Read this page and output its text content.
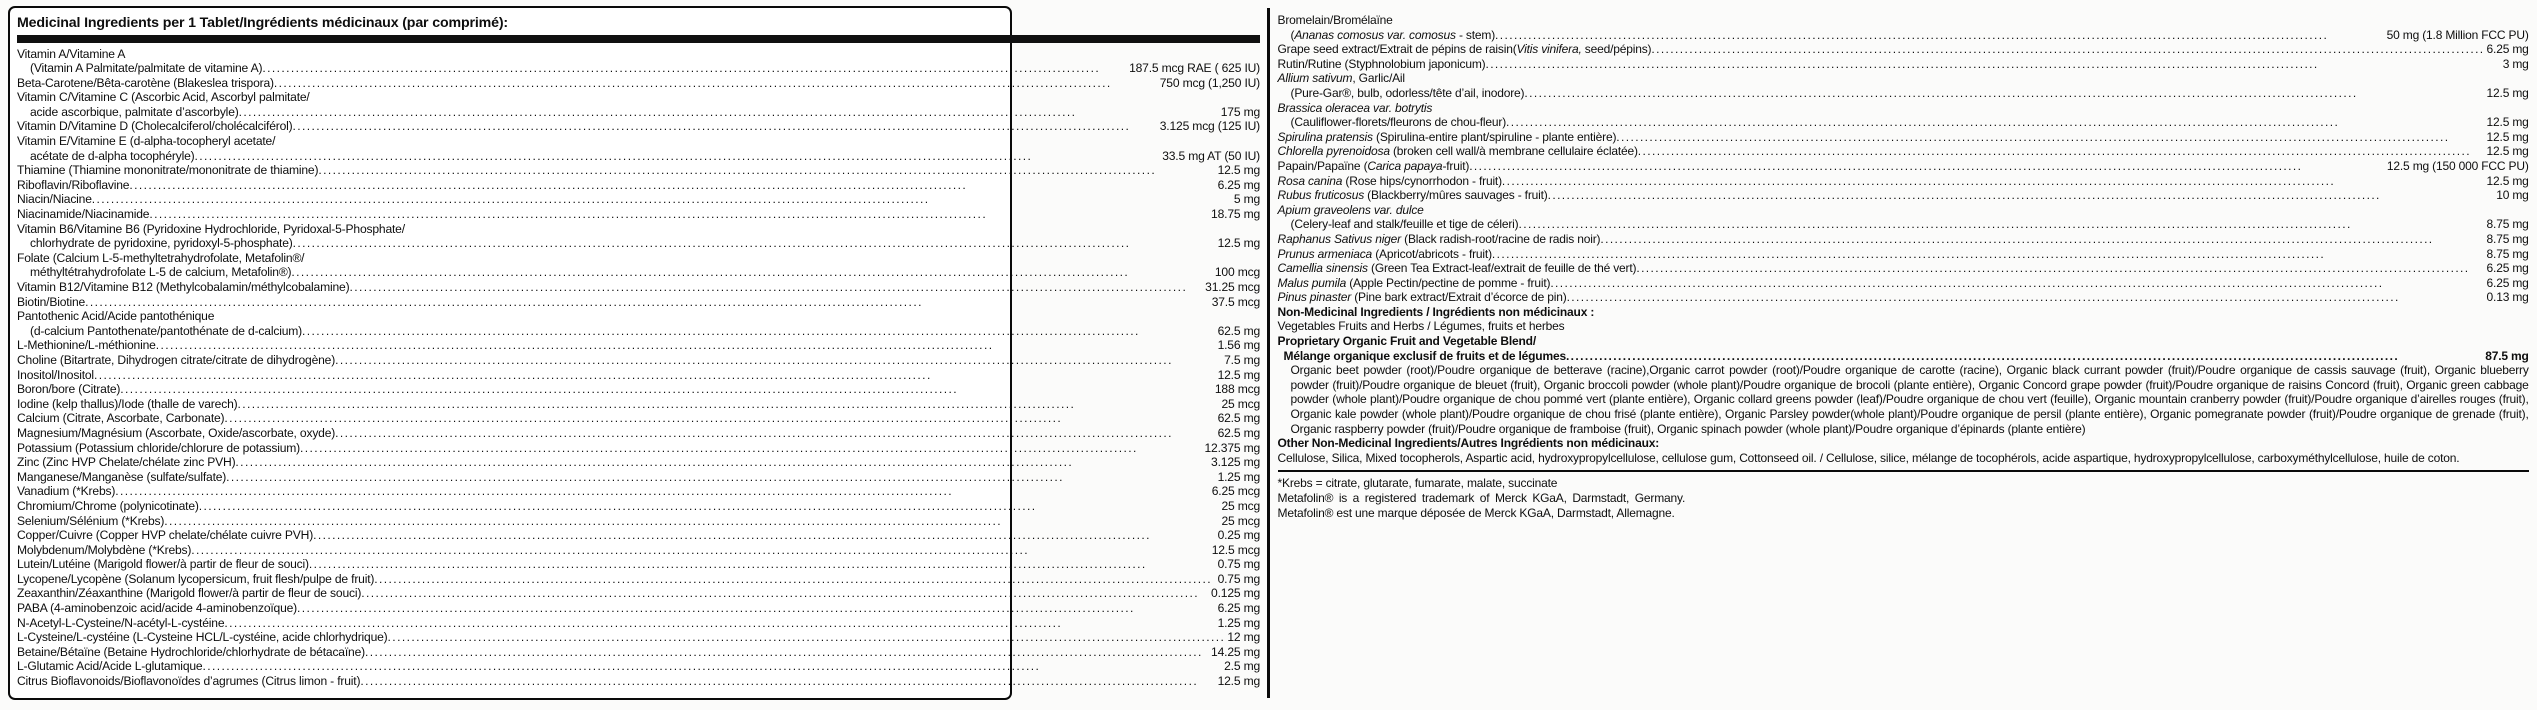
Medicinal Ingredients per 1 Tablet/Ingrédients médicinaux (par comprimé):
Vitamin A/Vitamine A
(Vitamin A Palmitate/palmitate de vitamine A) .....	187.5 mcg RAE ( 625 IU)
Beta-Carotene/Bêta-carotène (Blakeslea trispora) .....	750 mcg (1,250 IU)
Vitamin C/Vitamine C (Ascorbic Acid, Ascorbyl palmitate/
acide ascorbique, palmitate d’ascorbyle) .....	175 mg
Vitamin D/Vitamine D (Cholecalciferol/cholécalciférol) .....	3.125 mcg (125 IU)
Vitamin E/Vitamine E (d-alpha-tocopheryl acetate/
acétate de d-alpha tocophéryle) .....	33.5 mg AT (50 IU)
Thiamine (Thiamine mononitrate/mononitrate de thiamine) .....	12.5 mg
Riboflavin/Riboflavine .....	6.25 mg
Niacin/Niacine .....	5 mg
Niacinamide/Niacinamide .....	18.75 mg
Vitamin B6/Vitamine B6 (Pyridoxine Hydrochloride, Pyridoxal-5-Phosphate/
chlorhydrate de pyridoxine, pyridoxyl-5-phosphate) .....	12.5 mg
Folate (Calcium L-5-methyltetrahydrofolate, Metafolin®/
méthyltétrahydrofolate L-5 de calcium, Metafolin®) .....	100 mcg
Vitamin B12/Vitamine B12 (Methylcobalamin/méthylcobalamine) .....	31.25 mcg
Biotin/Biotine .....	37.5 mcg
Pantothenic Acid/Acide pantothénique
(d-calcium Pantothenate/pantothénate de d-calcium) .....	62.5 mg
L-Methionine/L-méthionine .....	1.56 mg
Choline (Bitartrate, Dihydrogen citrate/citrate de dihydrogène) .....	7.5 mg
Inositol/Inositol .....	12.5 mg
Boron/bore (Citrate) .....	188 mcg
Iodine (kelp thallus)/Iode (thalle de varech) .....	25 mcg
Calcium (Citrate, Ascorbate, Carbonate) .....	62.5 mg
Magnesium/Magnésium (Ascorbate, Oxide/ascorbate, oxyde) .....	62.5 mg
Potassium (Potassium chloride/chlorure de potassium) .....	12.375 mg
Zinc (Zinc HVP Chelate/chélate zinc PVH) .....	3.125 mg
Manganese/Manganèse (sulfate/sulfate) .....	1.25 mg
Vanadium (*Krebs) .....	6.25 mcg
Chromium/Chrome (polynicotinate) .....	25 mcg
Selenium/Sélénium (*Krebs) .....	25 mcg
Copper/Cuivre (Copper HVP chelate/chélate cuivre PVH) .....	0.25 mg
Molybdenum/Molybdène (*Krebs) .....	12.5 mcg
Lutein/Lutéine (Marigold flower/à partir de fleur de souci) .....	0.75 mg
Lycopene/Lycopène (Solanum lycopersicum, fruit flesh/pulpe de fruit) .....	0.75 mg
Zeaxanthin/Zéaxanthine (Marigold flower/à partir de fleur de souci) .....	0.125 mg
PABA (4-aminobenzoic acid/acide 4-aminobenzoïque) .....	6.25 mg
N-Acetyl-L-Cysteine/N-acétyl-L-cystéine .....	1.25 mg
L-Cysteine/L-cystéine (L-Cysteine HCL/L-cystéine, acide chlorhydrique) .....	12 mg
Betaine/Bétaïne (Betaine Hydrochloride/chlorhydrate de bétacaïne) .....	14.25 mg
L-Glutamic Acid/Acide L-glutamique .....	2.5 mg
Citrus Bioflavonoids/Bioflavonoïdes d’agrumes (Citrus limon - fruit) .....	12.5 mg
Bromelain/Bromélaïne
(Ananas comosus var. comosus - stem) .....	50 mg (1.8 Million FCC PU)
Grape seed extract/Extrait de pépins de raisin(Vitis vinifera, seed/pépins) .....	6.25 mg
Rutin/Rutine (Styphnolobium japonicum) .....	3 mg
Allium sativum, Garlic/Ail
(Pure-Gar®, bulb, odorless/tête d’ail, inodore) .....	12.5 mg
Brassica oleracea var. botrytis
(Cauliflower-florets/fleurons de chou-fleur) .....	12.5 mg
Spirulina pratensis (Spirulina-entire plant/spiruline - plante entière) .....	12.5 mg
Chlorella pyrenoidosa (broken cell wall/à membrane cellulaire éclatée) .....	12.5 mg
Papain/Papaïne (Carica papaya-fruit) .....	12.5 mg (150 000 FCC PU)
Rosa canina (Rose hips/cynorrhodon - fruit) .....	12.5 mg
Rubus fruticosus (Blackberry/mûres sauvages - fruit) .....	10 mg
Apium graveolens var. dulce
(Celery-leaf and stalk/feuille et tige de céleri) .....	8.75 mg
Raphanus Sativus niger (Black radish-root/racine de radis noir) .....	8.75 mg
Prunus armeniaca (Apricot/abricots - fruit) .....	8.75 mg
Camellia sinensis (Green Tea Extract-leaf/extrait de feuille de thé vert) .....	6.25 mg
Malus pumila (Apple Pectin/pectine de pomme - fruit) .....	6.25 mg
Pinus pinaster (Pine bark extract/Extrait d’écorce de pin) .....	0.13 mg
Non-Medicinal Ingredients / Ingrédients non médicinaux :
Vegetables Fruits and Herbs / Légumes, fruits et herbes
Proprietary Organic Fruit and Vegetable Blend/
Mélange organique exclusif de fruits et de légumes .....	87.5 mg
Organic beet powder (root)/Poudre organique de betterave (racine),Organic carrot powder (root)/Poudre organique de carotte (racine), Organic black currant powder (fruit)/Poudre organique de cassis sauvage (fruit), Organic blueberry powder (fruit)/Poudre organique de bleuet (fruit), Organic broccoli powder (whole plant)/Poudre organique de brocoli (plante entière), Organic Concord grape powder (fruit)/Poudre organique de raisins Concord (fruit), Organic green cabbage powder (whole plant)/Poudre organique de chou pommé vert (plante entière), Organic collard greens powder (leaf)/Poudre organique de chou vert (feuille), Organic mountain cranberry powder (fruit)/Poudre organique d’airelles rouges (fruit), Organic kale powder (whole plant)/Poudre organique de chou frisé (plante entière), Organic Parsley powder(whole plant)/Poudre organique de persil (plante entière), Organic pomegranate powder (fruit)/Poudre organique de grenade (fruit), Organic raspberry powder (fruit)/Poudre organique de framboise (fruit), Organic spinach powder (whole plant)/Poudre organique d’épinards (plante entière)
Other Non-Medicinal Ingredients/Autres Ingrédients non médicinaux:
Cellulose, Silica, Mixed tocopherols, Aspartic acid, hydroxypropylcellulose, cellulose gum, Cottonseed oil. / Cellulose, silice, mélange de tocophérols, acide aspartique, hydroxypropylcellulose, carboxyméthylcellulose, huile de coton.
*Krebs = citrate, glutarate, fumarate, malate, succinate
Metafolin® is a registered trademark of Merck KGaA, Darmstadt, Germany.
Metafolin® est une marque déposée de Merck KGaA, Darmstadt, Allemagne.
